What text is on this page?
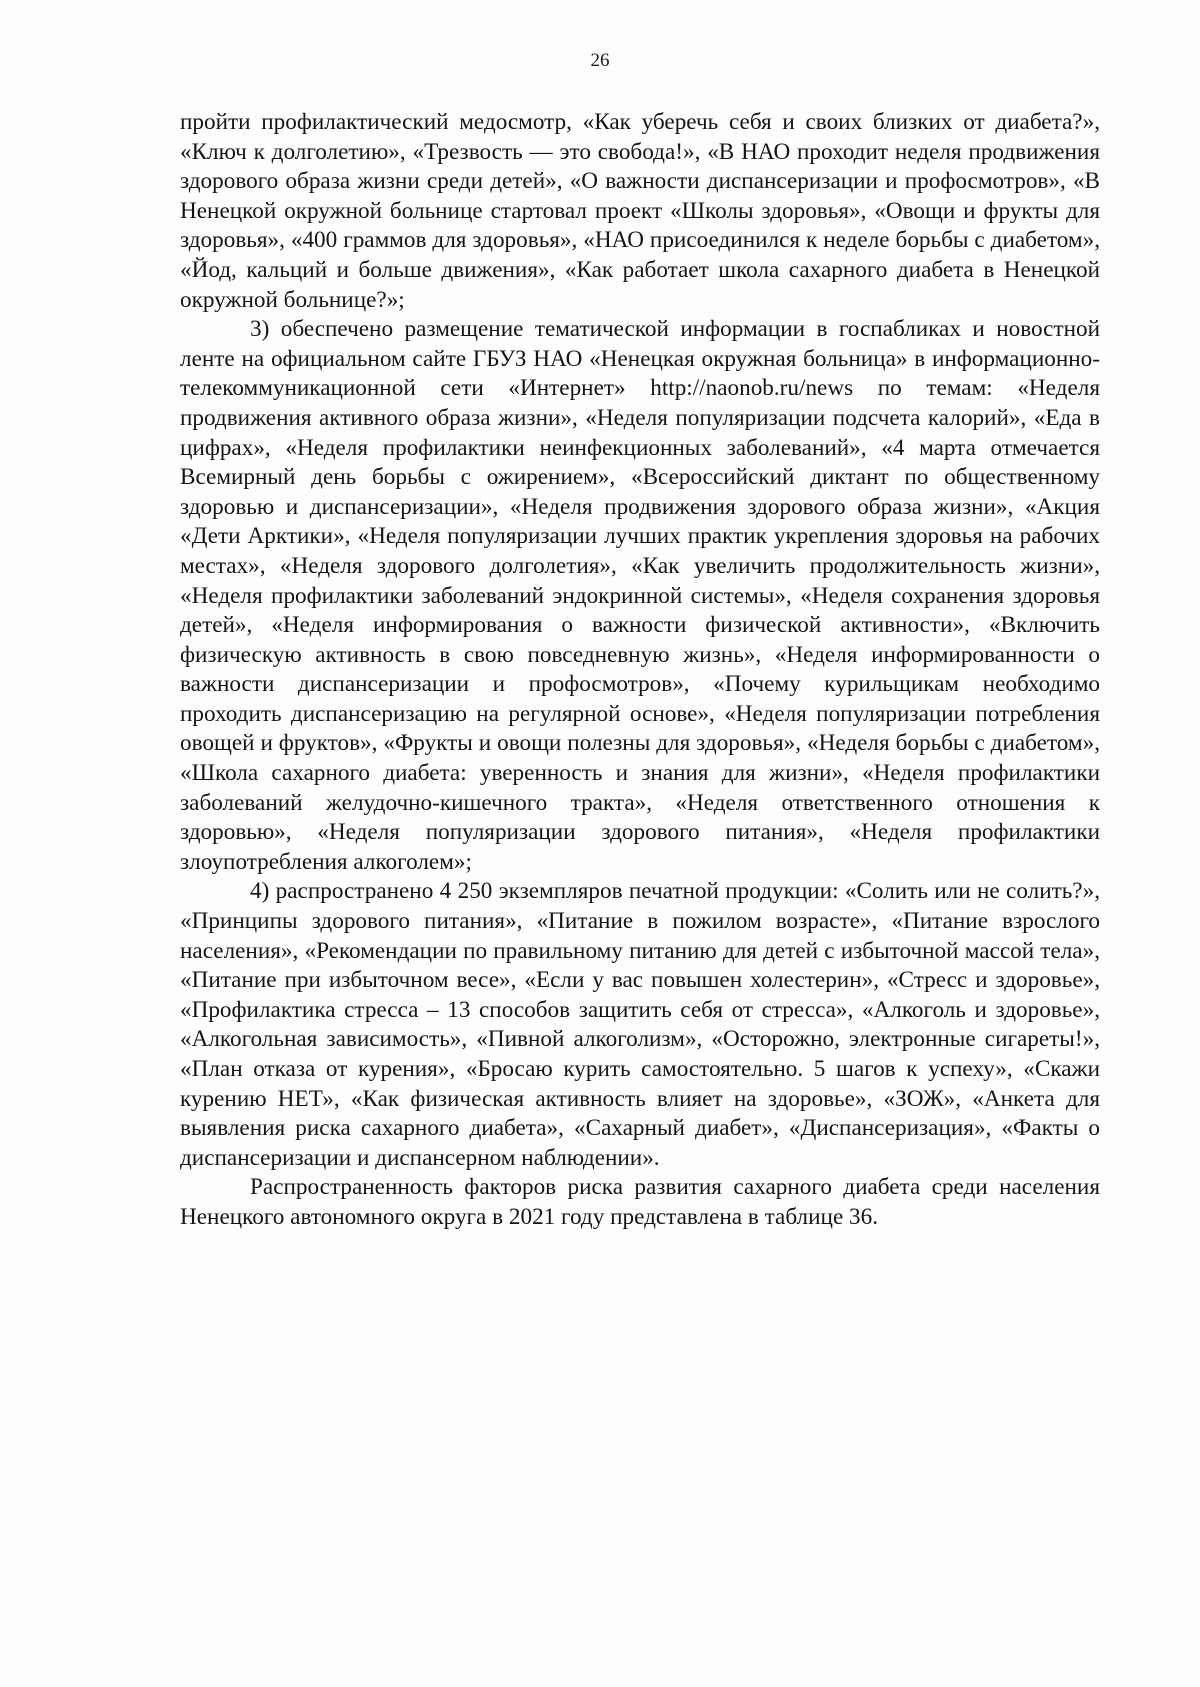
26

пройти профилактический медосмотр, «Как уберечь себя и своих близких от диабета?», «Ключ к долголетию», «Трезвость — это свобода!», «В НАО проходит неделя продвижения здорового образа жизни среди детей», «О важности диспансеризации и профосмотров», «В Ненецкой окружной больнице стартовал проект «Школы здоровья», «Овощи и фрукты для здоровья», «400 граммов для здоровья», «НАО присоединился к неделе борьбы с диабетом», «Йод, кальций и больше движения», «Как работает школа сахарного диабета в Ненецкой окружной больнице?»;

3) обеспечено размещение тематической информации в госпабликах и новостной ленте на официальном сайте ГБУЗ НАО «Ненецкая окружная больница» в информационно-телекоммуникационной сети «Интернет» http://naonob.ru/news по темам: «Неделя продвижения активного образа жизни», «Неделя популяризации подсчета калорий», «Еда в цифрах», «Неделя профилактики неинфекционных заболеваний», «4 марта отмечается Всемирный день борьбы с ожирением», «Всероссийский диктант по общественному здоровью и диспансеризации», «Неделя продвижения здорового образа жизни», «Акция «Дети Арктики», «Неделя популяризации лучших практик укрепления здоровья на рабочих местах», «Неделя здорового долголетия», «Как увеличить продолжительность жизни», «Неделя профилактики заболеваний эндокринной системы», «Неделя сохранения здоровья детей», «Неделя информирования о важности физической активности», «Включить физическую активность в свою повседневную жизнь», «Неделя информированности о важности диспансеризации и профосмотров», «Почему курильщикам необходимо проходить диспансеризацию на регулярной основе», «Неделя популяризации потребления овощей и фруктов», «Фрукты и овощи полезны для здоровья», «Неделя борьбы с диабетом», «Школа сахарного диабета: уверенность и знания для жизни», «Неделя профилактики заболеваний желудочно-кишечного тракта», «Неделя ответственного отношения к здоровью», «Неделя популяризации здорового питания», «Неделя профилактики злоупотребления алкоголем»;

4) распространено 4 250 экземпляров печатной продукции: «Солить или не солить?», «Принципы здорового питания», «Питание в пожилом возрасте», «Питание взрослого населения», «Рекомендации по правильному питанию для детей с избыточной массой тела», «Питание при избыточном весе», «Если у вас повышен холестерин», «Стресс и здоровье», «Профилактика стресса – 13 способов защитить себя от стресса», «Алкоголь и здоровье», «Алкогольная зависимость», «Пивной алкоголизм», «Осторожно, электронные сигареты!», «План отказа от курения», «Бросаю курить самостоятельно. 5 шагов к успеху», «Скажи курению НЕТ», «Как физическая активность влияет на здоровье», «ЗОЖ», «Анкета для выявления риска сахарного диабета», «Сахарный диабет», «Диспансеризация», «Факты о диспансеризации и диспансерном наблюдении».

Распространенность факторов риска развития сахарного диабета среди населения Ненецкого автономного округа в 2021 году представлена в таблице 36.
